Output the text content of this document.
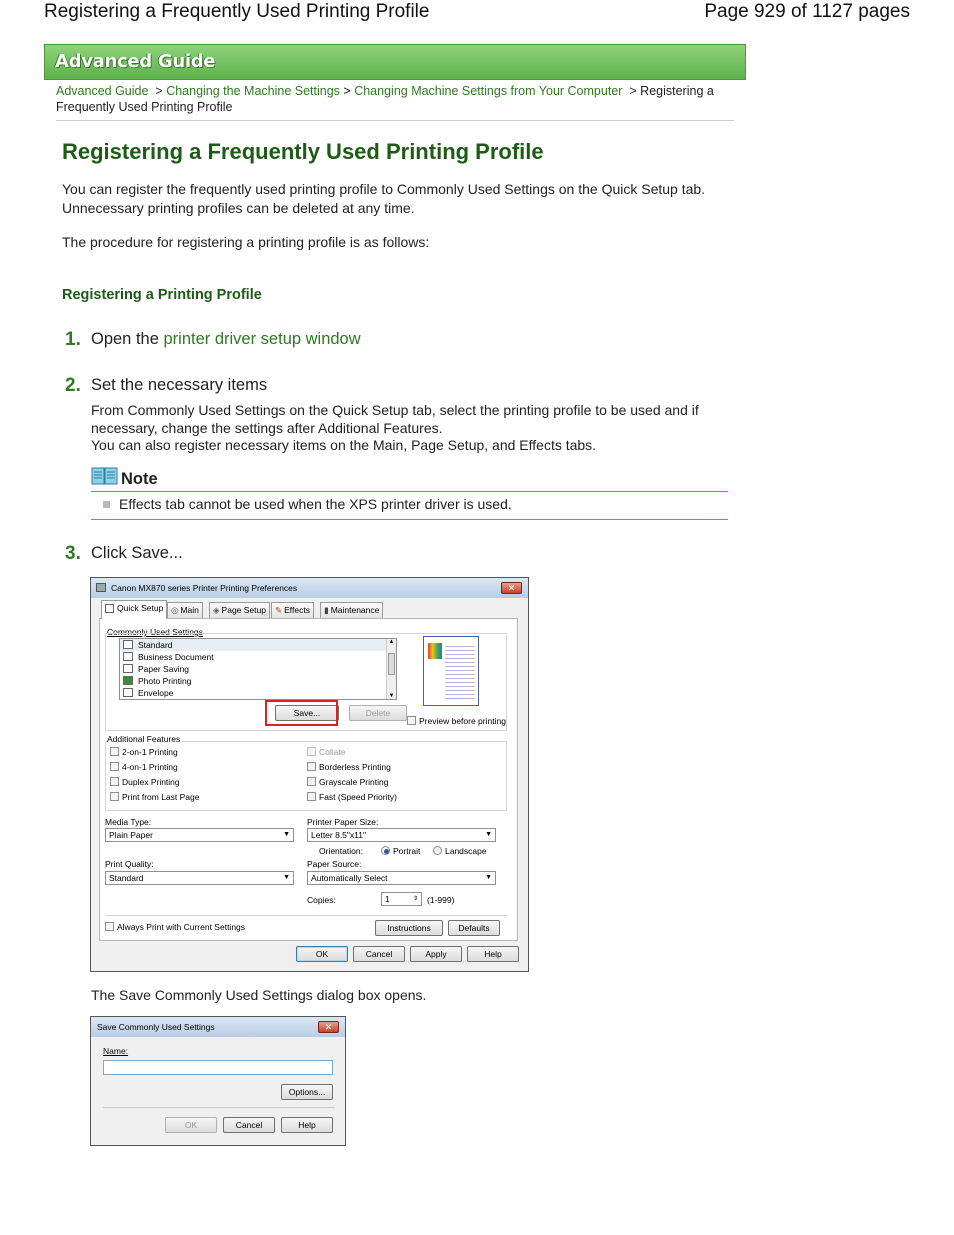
Registering a Frequently Used Printing Profile	Page 929 of 1127 pages
Advanced Guide
Advanced Guide > Changing the Machine Settings > Changing Machine Settings from Your Computer > Registering a Frequently Used Printing Profile
Registering a Frequently Used Printing Profile
You can register the frequently used printing profile to Commonly Used Settings on the Quick Setup tab.
Unnecessary printing profiles can be deleted at any time.
The procedure for registering a printing profile is as follows:
Registering a Printing Profile
1. Open the printer driver setup window
2. Set the necessary items
From Commonly Used Settings on the Quick Setup tab, select the printing profile to be used and if
necessary, change the settings after Additional Features.
You can also register necessary items on the Main, Page Setup, and Effects tabs.
Note
Effects tab cannot be used when the XPS printer driver is used.
3. Click Save...
Canon MX870 series Printer Printing Preferences	✕
Quick Setup ◎ Main	◈ Page Setup	✎ Effects	▮ Maintenance
Commonly Used Settings
Standard
Business Document
Paper Saving
Photo Printing
Envelope
▲
▼
Save...	Delete
Preview before printing
Additional Features
2-on-1 Printing
4-on-1 Printing
Duplex Printing
Print from Last Page
Collate
Borderless Printing
Grayscale Printing
Fast (Speed Priority)
Media Type:
Plain Paper	▼
Printer Paper Size:
Letter 8.5"x11"	▼
Orientation:	Portrait	Landscape
Print Quality:
Standard	▼
Paper Source:
Automatically Select	▼
Copies:	1	⇕ (1-999)
Always Print with Current Settings	Instructions	Defaults
OK	Cancel	Apply	Help
The Save Commonly Used Settings dialog box opens.
Save Commonly Used Settings	✕
Name:
Options...
OK	Cancel	Help
